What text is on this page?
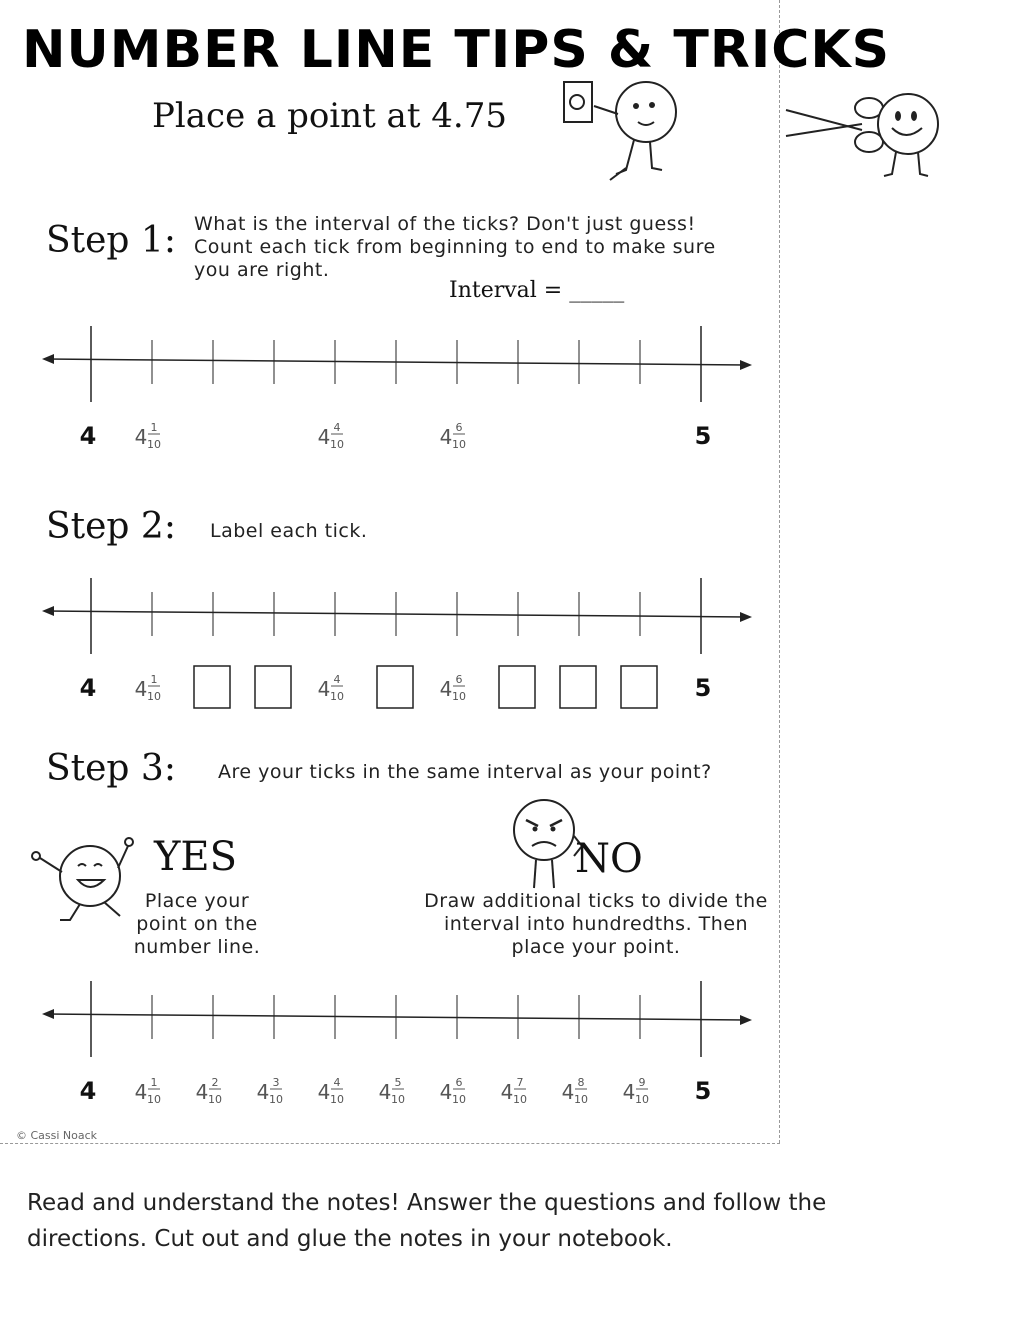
NUMBER LINE TIPS & TRICKS
Place a point at 4.75
Step 1: What is the interval of the ticks? Don't just guess! Count each tick from beginning to end to make sure you are right.
Interval = _____
4	5
4 1
10	4 4
10	4 6
10
Step 2: Label each tick.
4	5
4 1
10	4 4
10	4 6
10
Step 3: Are your ticks in the same interval as your point?
YES
Place your point on the number line.
NO
Draw additional ticks to divide the interval into hundredths. Then place your point.
4	5
4 1
10 4 2
10 4 3
10 4 4
10 4 5
10 4 6
10 4 7
10 4 8
10 4 9
10
© Cassi Noack
Read and understand the notes! Answer the questions and follow the directions. Cut out and glue the notes in your notebook.
